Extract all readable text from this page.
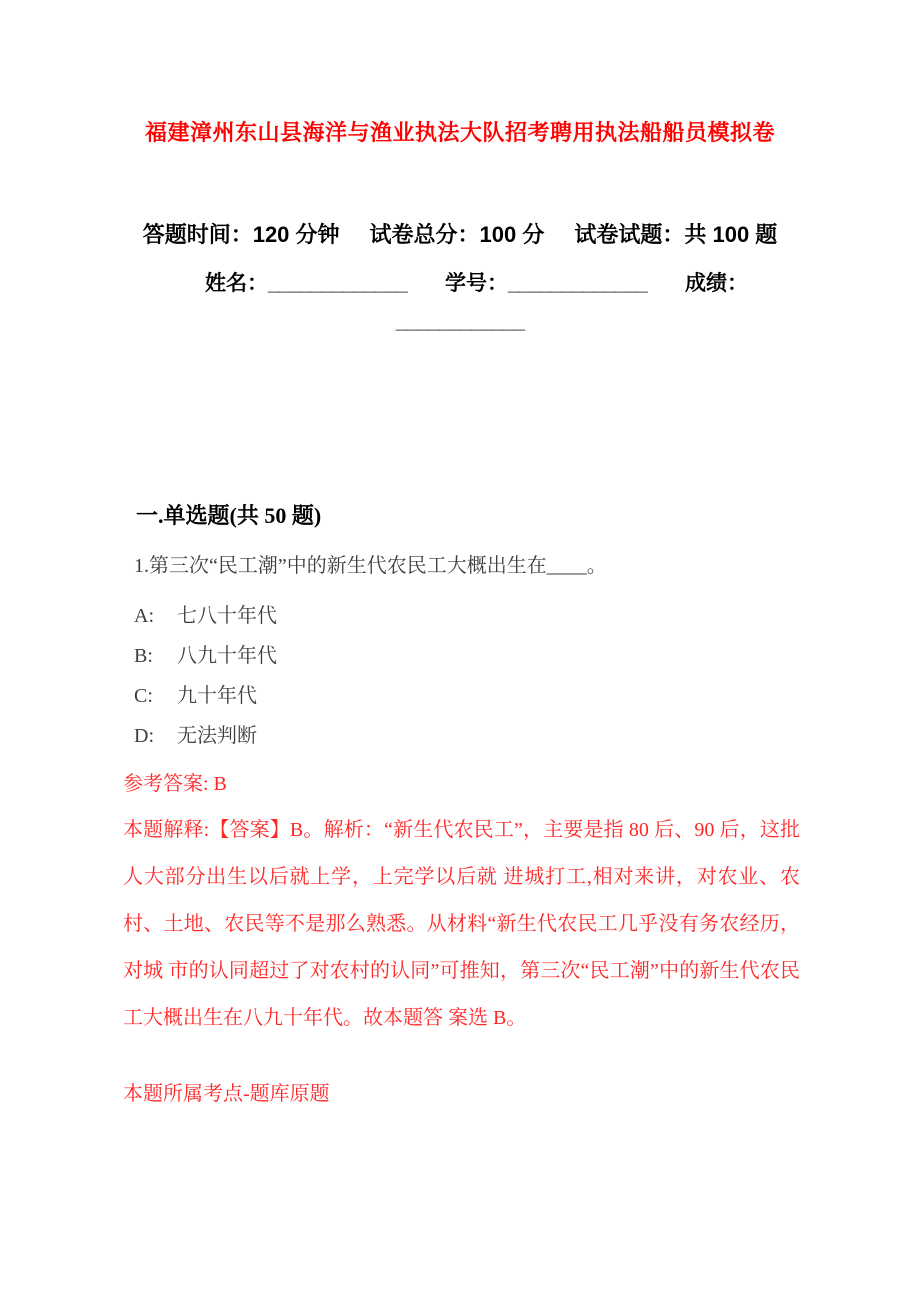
福建漳州东山县海洋与渔业执法大队招考聘用执法船船员模拟卷
答题时间：120 分钟 试卷总分：100 分 试卷试题：共 100 题
姓名：_____________ 学号：_____________ 成绩：
____________
一.单选题(共 50 题)
1.第三次“民工潮”中的新生代农民工大概出生在____。
A: 七八十年代
B: 八九十年代
C: 九十年代
D: 无法判断
参考答案: B
本题解释:【答案】B。解析：“新生代农民工”，主要是指 80 后、90 后，这批人大部分出生以后就上学，上完学以后就 进城打工,相对来讲，对农业、农村、土地、农民等不是那么熟悉。从材料“新生代农民工几乎没有务农经历，对城 市的认同超过了对农村的认同”可推知，第三次“民工潮”中的新生代农民工大概出生在八九十年代。故本题答 案选 B。
本题所属考点-题库原题
